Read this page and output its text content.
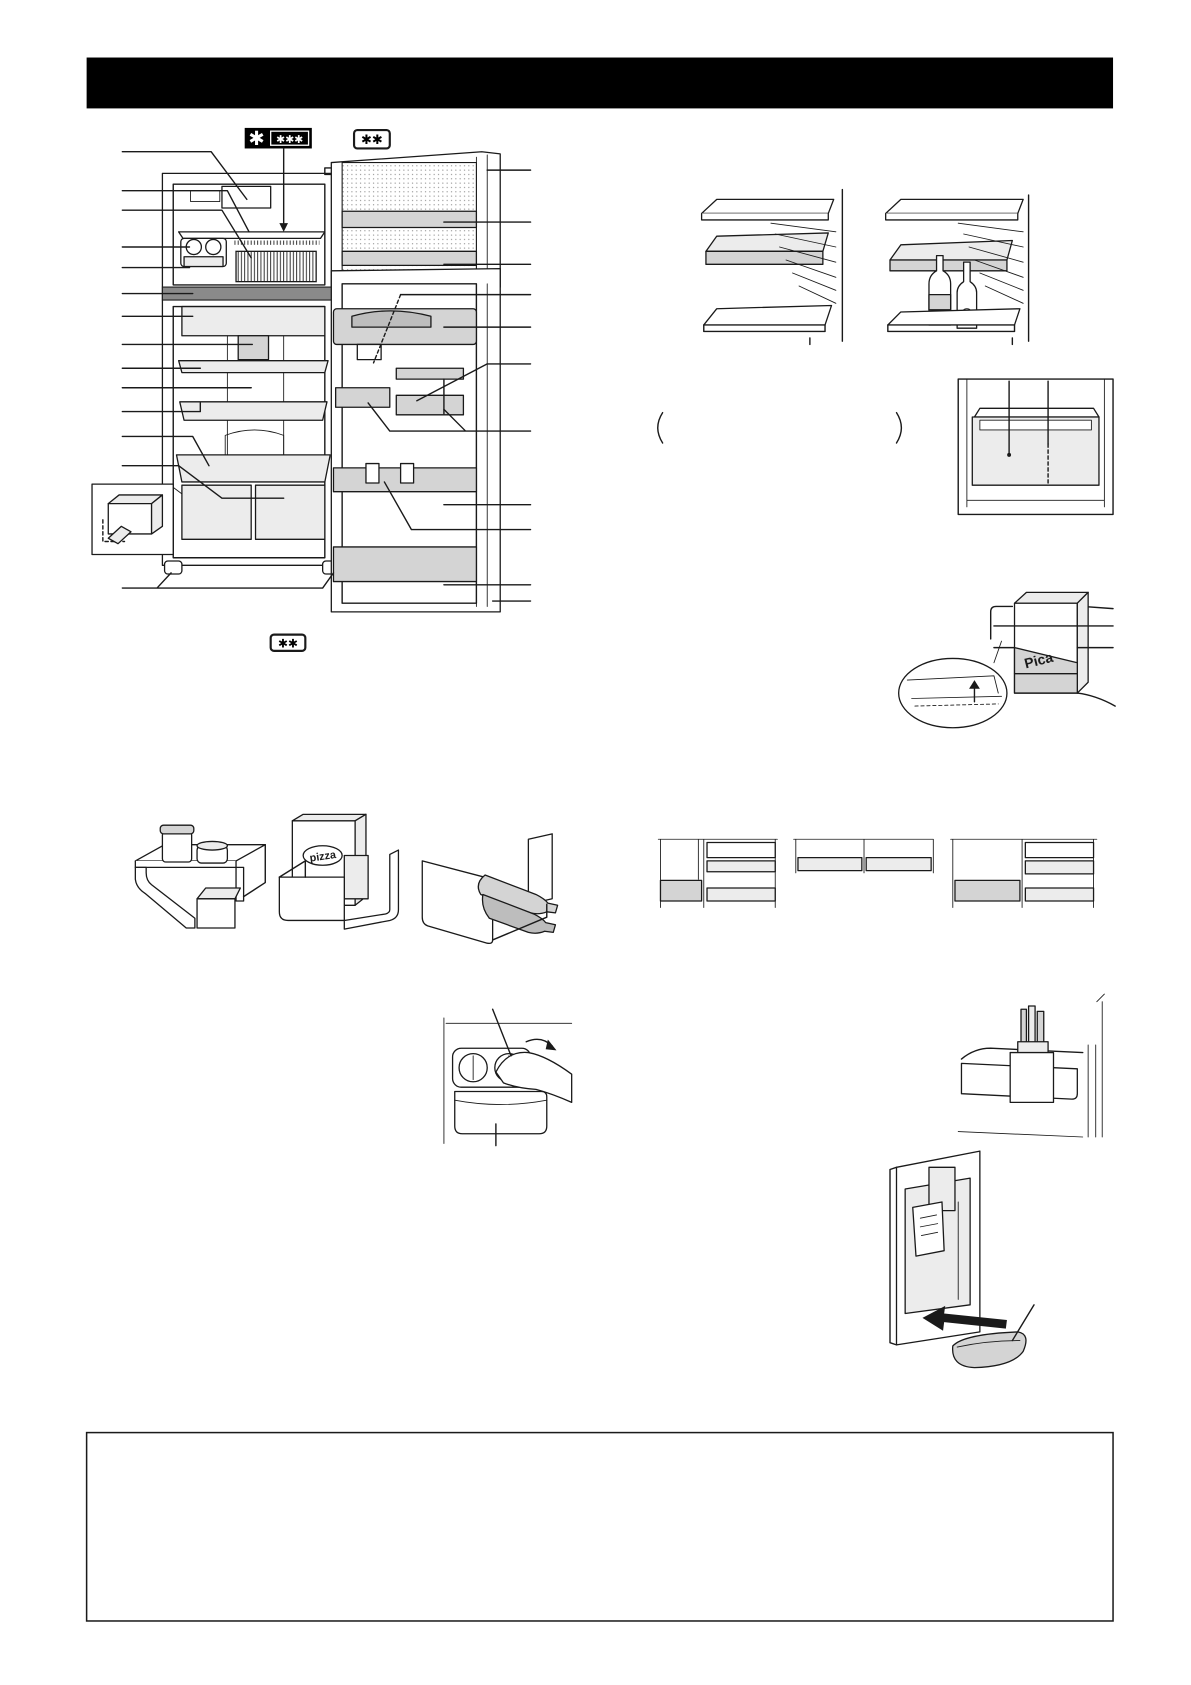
✱ ✱✱✱	✱✱
✱✱
Pica
pizza
